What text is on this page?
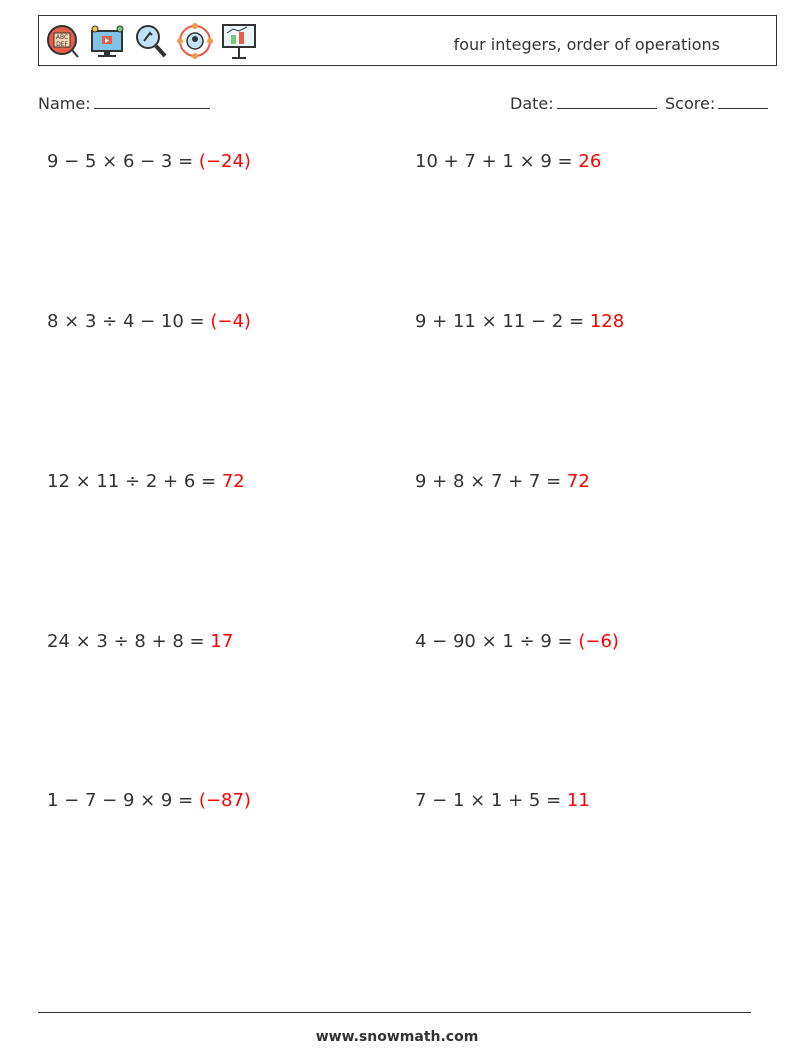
ABC
DEF	four integers, order of operations
Name:	Date:	Score:
9 − 5 × 6 − 3 = (−24)	10 + 7 + 1 × 9 = 26
8 × 3 ÷ 4 − 10 = (−4)	9 + 11 × 11 − 2 = 128
12 × 11 ÷ 2 + 6 = 72	9 + 8 × 7 + 7 = 72
24 × 3 ÷ 8 + 8 = 17	4 − 90 × 1 ÷ 9 = (−6)
1 − 7 − 9 × 9 = (−87)	7 − 1 × 1 + 5 = 11
www.snowmath.com
